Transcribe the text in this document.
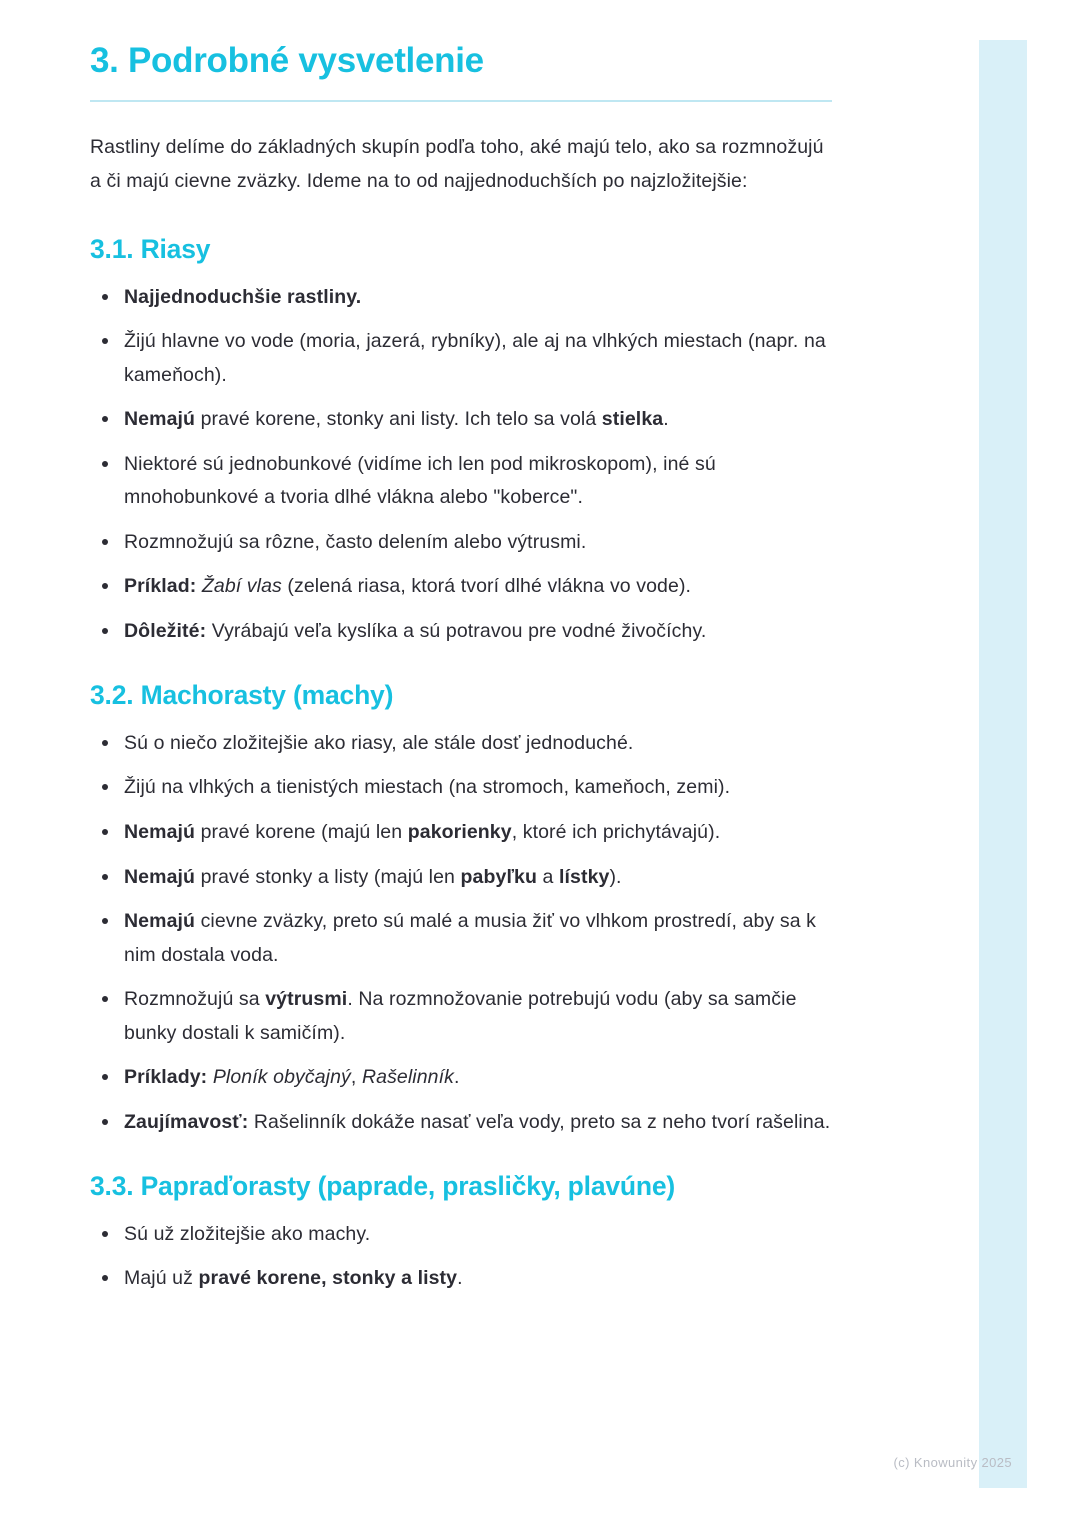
3. Podrobné vysvetlenie

Rastliny delíme do základných skupín podľa toho, aké majú telo, ako sa rozmnožujú a či majú cievne zväzky. Ideme na to od najjednoduchších po najzložitejšie:

3.1. Riasy
Najjednoduchšie rastliny.
Žijú hlavne vo vode (moria, jazerá, rybníky), ale aj na vlhkých miestach (napr. na kameňoch).
Nemajú pravé korene, stonky ani listy. Ich telo sa volá stielka.
Niektoré sú jednobunkové (vidíme ich len pod mikroskopom), iné sú mnohobunkové a tvoria dlhé vlákna alebo "koberce".
Rozmnožujú sa rôzne, často delením alebo výtrusmi.
Príklad: Žabí vlas (zelená riasa, ktorá tvorí dlhé vlákna vo vode).
Dôležité: Vyrábajú veľa kyslíka a sú potravou pre vodné živočíchy.
3.2. Machorasty (machy)
Sú o niečo zložitejšie ako riasy, ale stále dosť jednoduché.
Žijú na vlhkých a tienistých miestach (na stromoch, kameňoch, zemi).
Nemajú pravé korene (majú len pakorienky, ktoré ich prichytávajú).
Nemajú pravé stonky a listy (majú len pabyľku a lístky).
Nemajú cievne zväzky, preto sú malé a musia žiť vo vlhkom prostredí, aby sa k nim dostala voda.
Rozmnožujú sa výtrusmi. Na rozmnožovanie potrebujú vodu (aby sa samčie bunky dostali k samičím).
Príklady: Ploník obyčajný, Rašelinník.
Zaujímavosť: Rašelinník dokáže nasať veľa vody, preto sa z neho tvorí rašelina.
3.3. Papraďorasty (paprade, prasličky, plavúne)
Sú už zložitejšie ako machy.
Majú už pravé korene, stonky a listy.
(c) Knowunity 2025
